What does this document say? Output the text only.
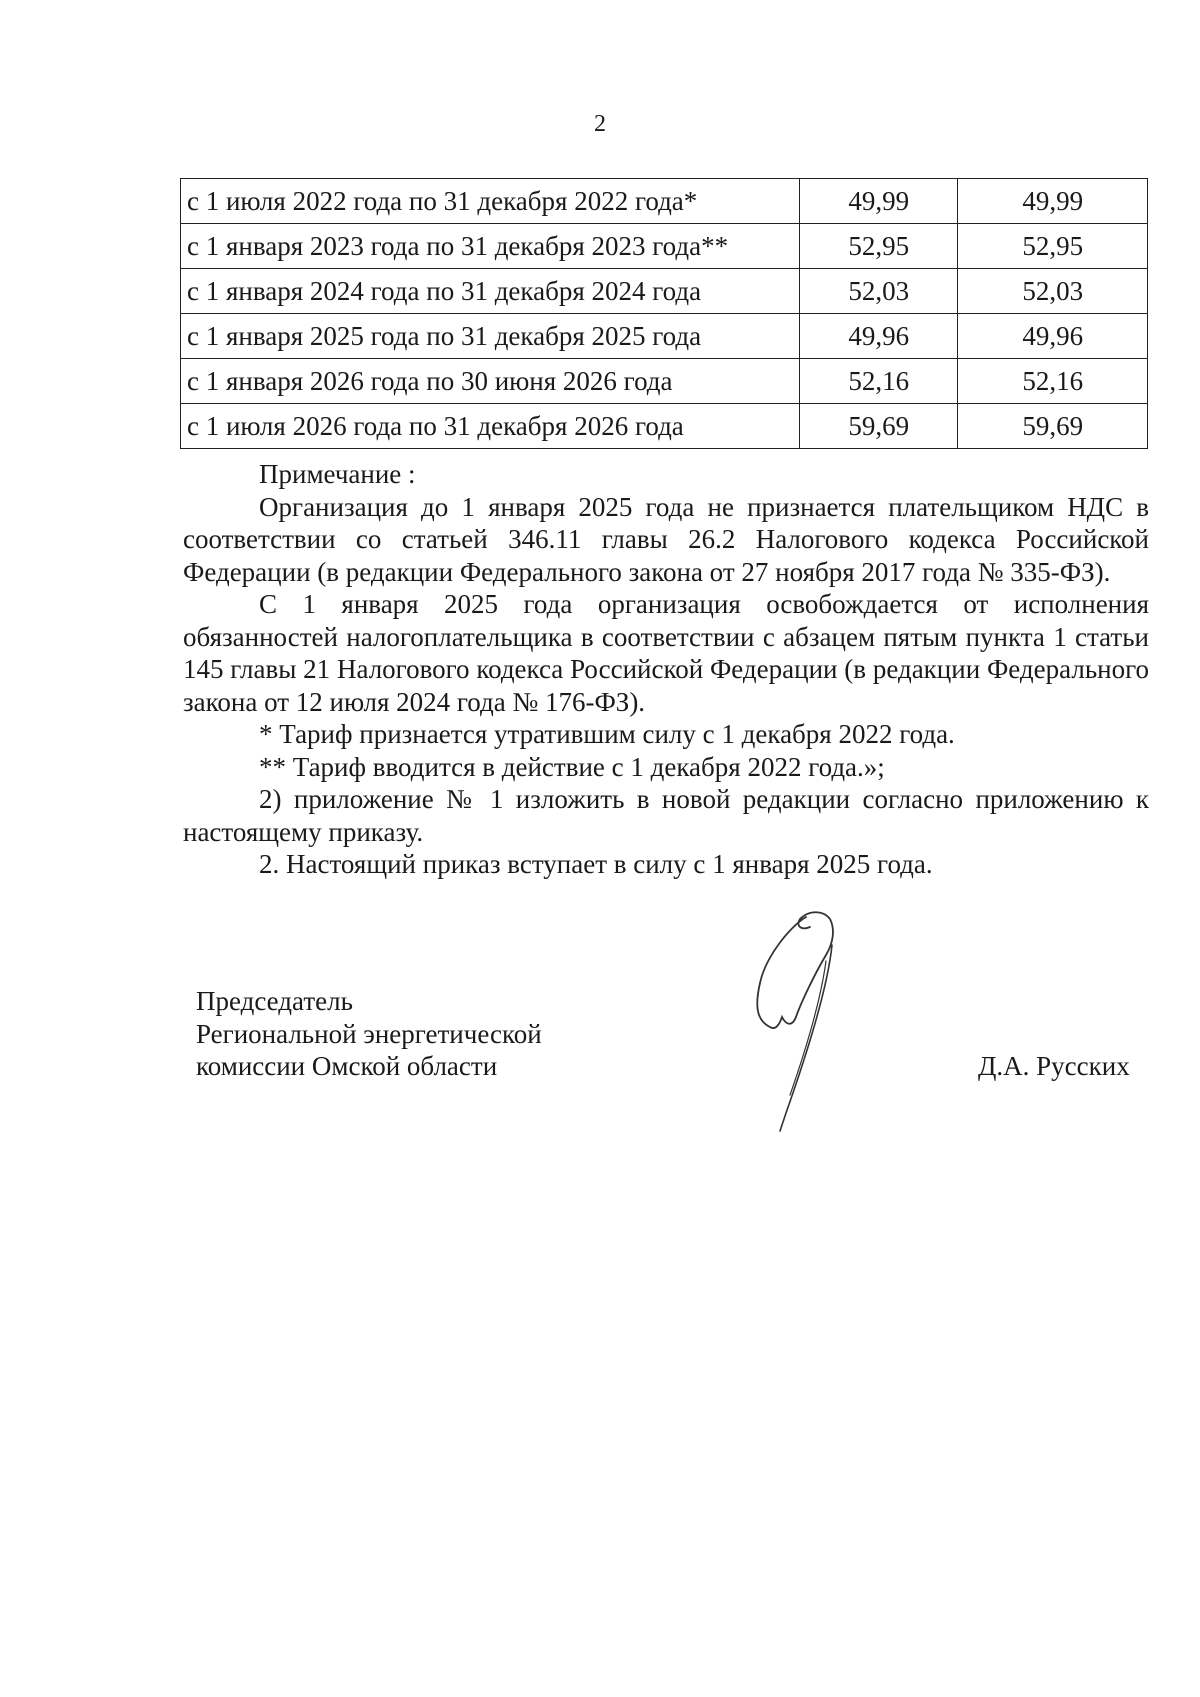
2
с 1 июля 2022 года по 31 декабря 2022 года*	49,99	49,99
с 1 января 2023 года по 31 декабря 2023 года**	52,95	52,95
с 1 января 2024 года по 31 декабря 2024 года	52,03	52,03
с 1 января 2025 года по 31 декабря 2025 года	49,96	49,96
с 1 января 2026 года по 30 июня 2026 года	52,16	52,16
с 1 июля 2026 года по 31 декабря 2026 года	59,69	59,69

Примечание :

Организация до 1 января 2025 года не признается плательщиком НДС в соответствии со статьей 346.11 главы 26.2 Налогового кодекса Российской Федерации (в редакции Федерального закона от 27 ноября 2017 года № 335-ФЗ).

С 1 января 2025 года организация освобождается от исполнения обязанностей налогоплательщика в соответствии с абзацем пятым пункта 1 статьи 145 главы 21 Налогового кодекса Российской Федерации (в редакции Федерального закона от 12 июля 2024 года № 176-ФЗ).

* Тариф признается утратившим силу с 1 декабря 2022 года.

** Тариф вводится в действие с 1 декабря 2022 года.»;

2) приложение № 1 изложить в новой редакции согласно приложению к настоящему приказу.

2. Настоящий приказ вступает в силу с 1 января 2025 года.

Председатель
Региональной энергетической
комиссии Омской области	Д.А. Русских
